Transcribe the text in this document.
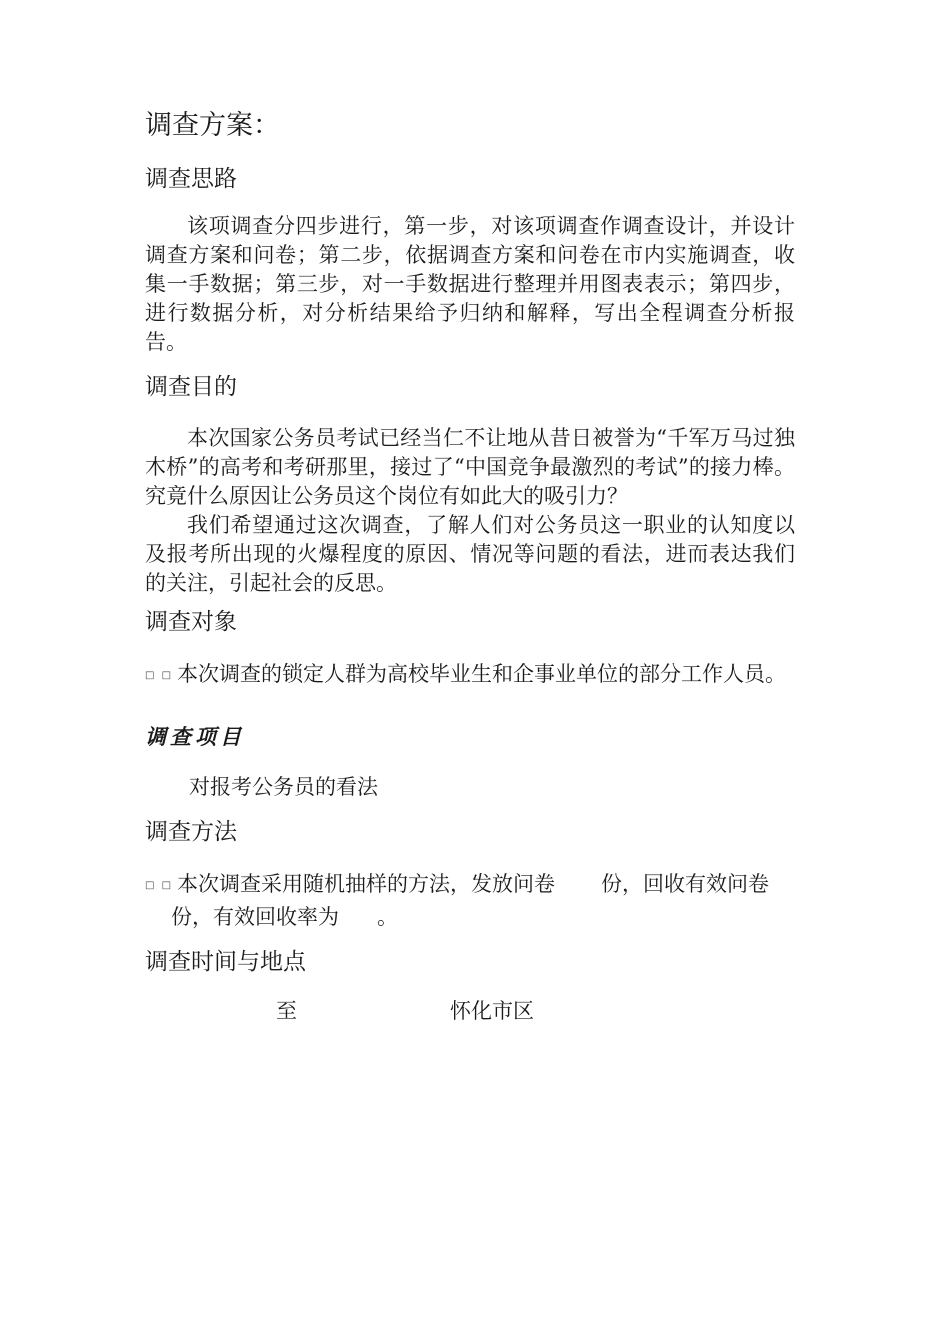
调查方案：
调查思路

该项调查分四步进行，第一步，对该项调查作调查设计，并设计调查方案和问卷；第二步，依据调查方案和问卷在市内实施调查，收集一手数据；第三步，对一手数据进行整理并用图表表示；第四步，进行数据分析，对分析结果给予归纳和解释，写出全程调查分析报告。

调查目的

本次国家公务员考试已经当仁不让地从昔日被誉为“千军万马过独木桥”的高考和考研那里，接过了“中国竞争最激烈的考试”的接力棒。究竟什么原因让公务员这个岗位有如此大的吸引力？

我们希望通过这次调查，了解人们对公务员这一职业的认知度以及报考所出现的火爆程度的原因、情况等问题的看法，进而表达我们的关注，引起社会的反思。

调查对象

□ □ 本次调查的锁定人群为高校毕业生和企事业单位的部分工作人员。

调查项目
对报考公务员的看法
调查方法
□ □ 本次调查采用随机抽样的方法，发放问卷 份，回收有效问卷
份，有效回收率为 。
调查时间与地点
至	怀化市区
